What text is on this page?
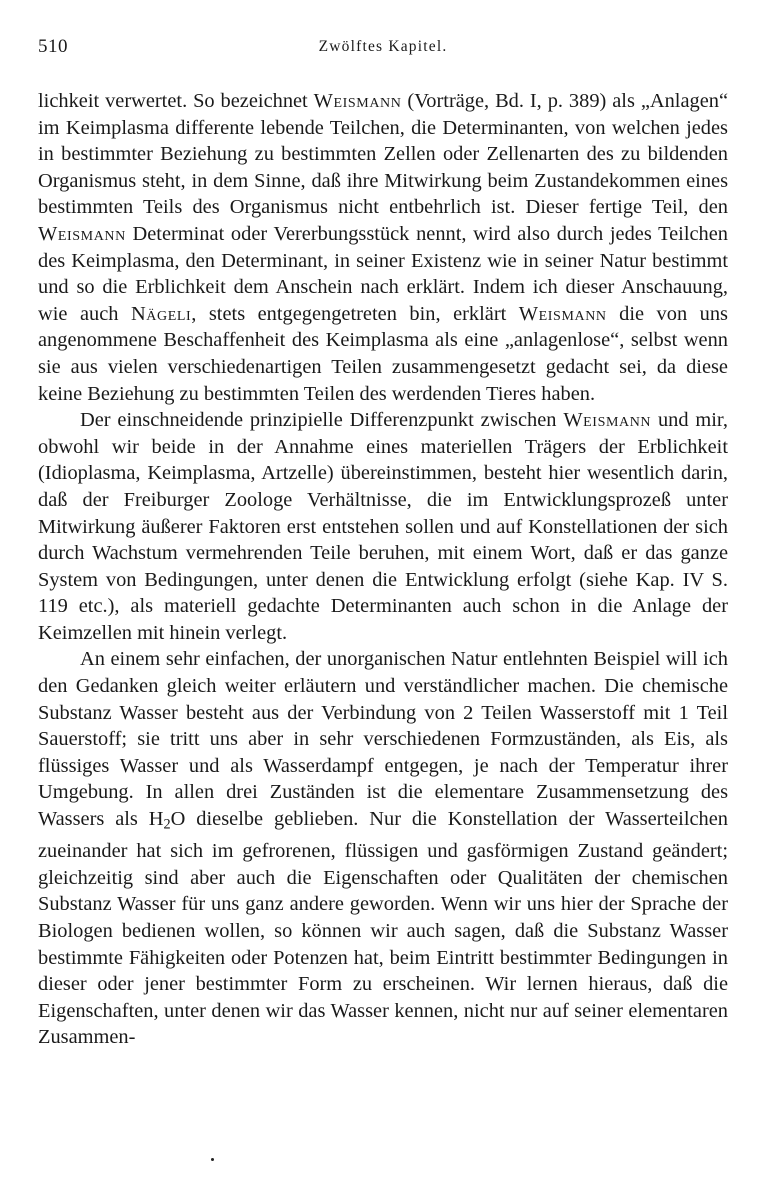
510	Zwölftes Kapitel.

lichkeit verwertet. So bezeichnet Weismann (Vorträge, Bd. I, p. 389) als „Anlagen“ im Keimplasma differente lebende Teilchen, die Determinanten, von welchen jedes in bestimmter Beziehung zu bestimmten Zellen oder Zellenarten des zu bildenden Organismus steht, in dem Sinne, daß ihre Mitwirkung beim Zustandekommen eines bestimmten Teils des Organismus nicht entbehrlich ist. Dieser fertige Teil, den Weismann Determinat oder Vererbungsstück nennt, wird also durch jedes Teilchen des Keimplasma, den Determinant, in seiner Existenz wie in seiner Natur bestimmt und so die Erblichkeit dem Anschein nach erklärt. Indem ich dieser Anschauung, wie auch Nägeli, stets entgegengetreten bin, erklärt Weismann die von uns angenommene Beschaffenheit des Keimplasma als eine „anlagenlose“, selbst wenn sie aus vielen verschiedenartigen Teilen zusammengesetzt gedacht sei, da diese keine Beziehung zu bestimmten Teilen des werdenden Tieres haben.

Der einschneidende prinzipielle Differenzpunkt zwischen Weismann und mir, obwohl wir beide in der Annahme eines materiellen Trägers der Erblichkeit (Idioplasma, Keimplasma, Artzelle) übereinstimmen, besteht hier wesentlich darin, daß der Freiburger Zoologe Verhältnisse, die im Entwicklungsprozeß unter Mitwirkung äußerer Faktoren erst entstehen sollen und auf Konstellationen der sich durch Wachstum vermehrenden Teile beruhen, mit einem Wort, daß er das ganze System von Bedingungen, unter denen die Entwicklung erfolgt (siehe Kap. IV S. 119 etc.), als materiell gedachte Determinanten auch schon in die Anlage der Keimzellen mit hinein verlegt.

An einem sehr einfachen, der unorganischen Natur entlehnten Beispiel will ich den Gedanken gleich weiter erläutern und verständlicher machen. Die chemische Substanz Wasser besteht aus der Verbindung von 2 Teilen Wasserstoff mit 1 Teil Sauerstoff; sie tritt uns aber in sehr verschiedenen Formzuständen, als Eis, als flüssiges Wasser und als Wasserdampf entgegen, je nach der Temperatur ihrer Umgebung. In allen drei Zuständen ist die elementare Zusammensetzung des Wassers als $H_2O$ dieselbe geblieben. Nur die Konstellation der Wasserteilchen zueinander hat sich im gefrorenen, flüssigen und gasförmigen Zustand geändert; gleichzeitig sind aber auch die Eigenschaften oder Qualitäten der chemischen Substanz Wasser für uns ganz andere geworden. Wenn wir uns hier der Sprache der Biologen bedienen wollen, so können wir auch sagen, daß die Substanz Wasser bestimmte Fähigkeiten oder Potenzen hat, beim Eintritt bestimmter Bedingungen in dieser oder jener bestimmter Form zu erscheinen. Wir lernen hieraus, daß die Eigenschaften, unter denen wir das Wasser kennen, nicht nur auf seiner elementaren Zusammen-
